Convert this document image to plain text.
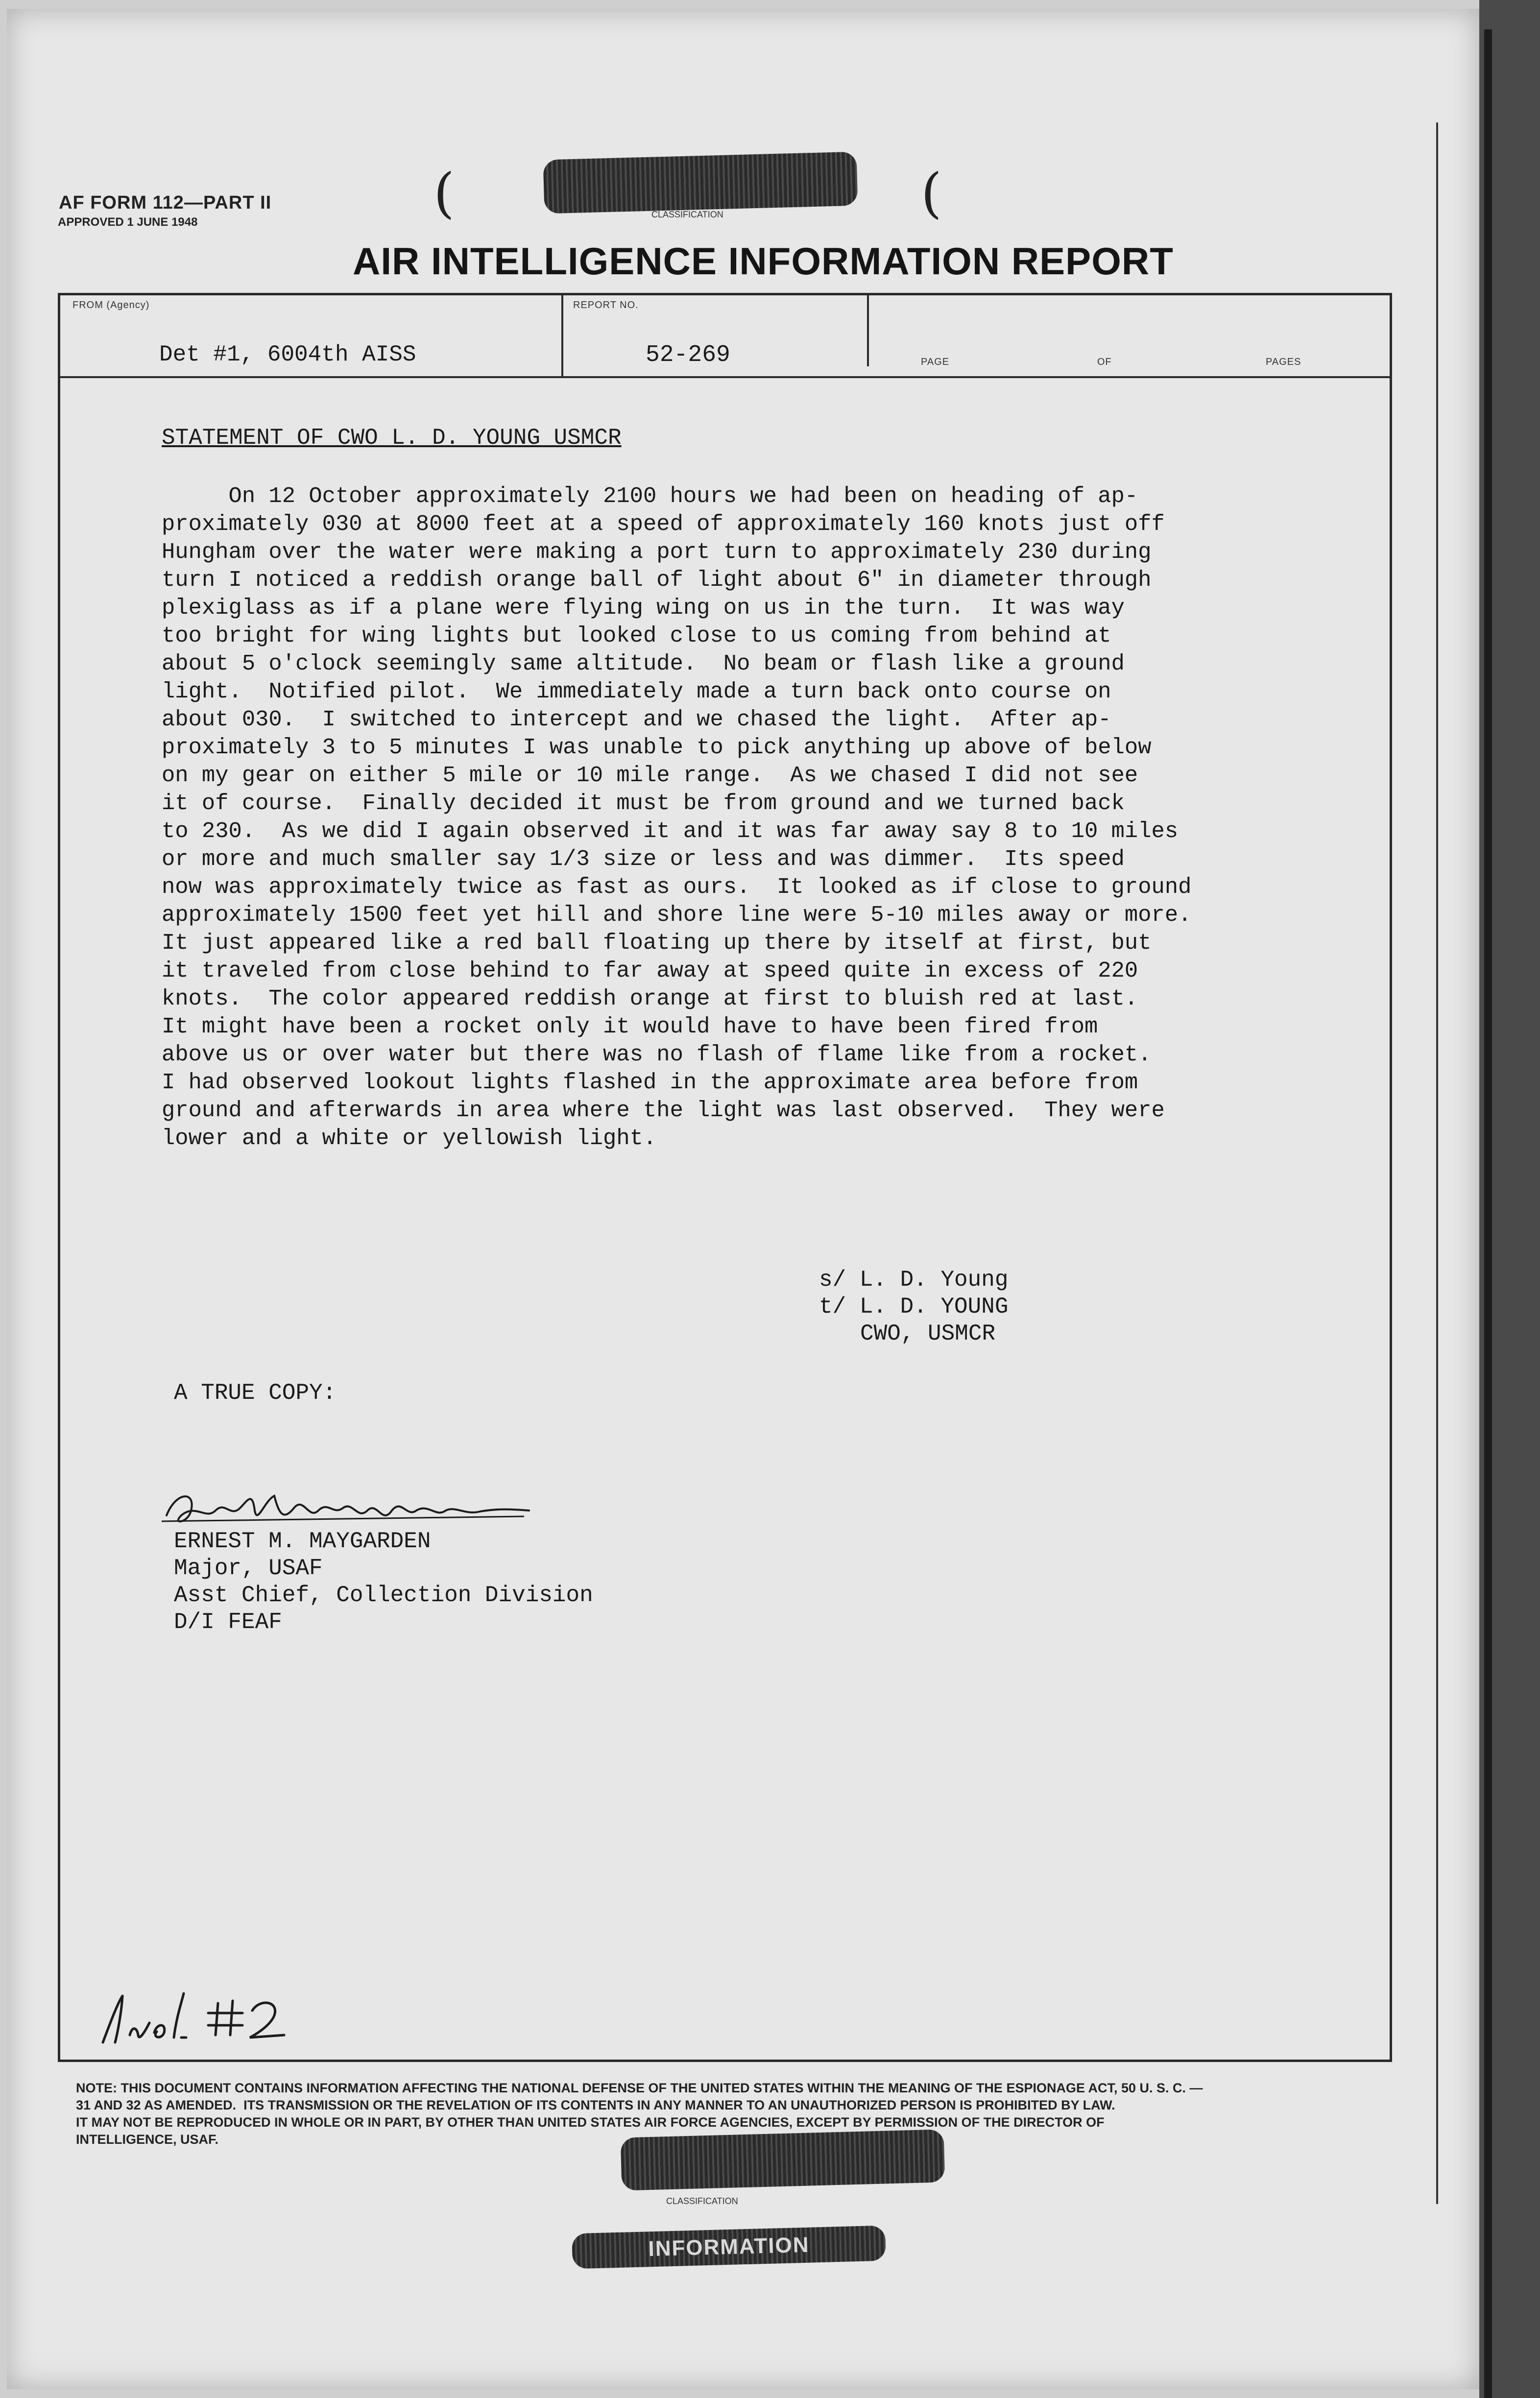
AF FORM 112—PART II
APPROVED 1 JUNE 1948	(	CLASSIFICATION	(
AIR INTELLIGENCE INFORMATION REPORT
FROM (Agency)
Det #1, 6004th AISS
REPORT NO.
52-269	PAGE	OF	PAGES
STATEMENT OF CWO L. D. YOUNG USMCR
On 12 October approximately 2100 hours we had been on heading of ap-
proximately 030 at 8000 feet at a speed of approximately 160 knots just off
Hungham over the water were making a port turn to approximately 230 during
turn I noticed a reddish orange ball of light about 6" in diameter through
plexiglass as if a plane were flying wing on us in the turn.  It was way
too bright for wing lights but looked close to us coming from behind at
about 5 o'clock seemingly same altitude.  No beam or flash like a ground
light.  Notified pilot.  We immediately made a turn back onto course on
about 030.  I switched to intercept and we chased the light.  After ap-
proximately 3 to 5 minutes I was unable to pick anything up above of below
on my gear on either 5 mile or 10 mile range.  As we chased I did not see
it of course.  Finally decided it must be from ground and we turned back
to 230.  As we did I again observed it and it was far away say 8 to 10 miles
or more and much smaller say 1/3 size or less and was dimmer.  Its speed
now was approximately twice as fast as ours.  It looked as if close to ground
approximately 1500 feet yet hill and shore line were 5-10 miles away or more.
It just appeared like a red ball floating up there by itself at first, but
it traveled from close behind to far away at speed quite in excess of 220
knots.  The color appeared reddish orange at first to bluish red at last.
It might have been a rocket only it would have to have been fired from
above us or over water but there was no flash of flame like from a rocket.
I had observed lookout lights flashed in the approximate area before from
ground and afterwards in area where the light was last observed.  They were
lower and a white or yellowish light.
s/ L. D. Young
t/ L. D. YOUNG
CWO, USMCR
A TRUE COPY:
ERNEST M. MAYGARDEN
Major, USAF
Asst Chief, Collection Division
D/I FEAF
NOTE: THIS DOCUMENT CONTAINS INFORMATION AFFECTING THE NATIONAL DEFENSE OF THE UNITED STATES WITHIN THE MEANING OF THE ESPIONAGE ACT, 50 U. S. C. —
31 AND 32 AS AMENDED.  ITS TRANSMISSION OR THE REVELATION OF ITS CONTENTS IN ANY MANNER TO AN UNAUTHORIZED PERSON IS PROHIBITED BY LAW.
IT MAY NOT BE REPRODUCED IN WHOLE OR IN PART, BY OTHER THAN UNITED STATES AIR FORCE AGENCIES, EXCEPT BY PERMISSION OF THE DIRECTOR OF
INTELLIGENCE, USAF.
CLASSIFICATION
INFORMATION
